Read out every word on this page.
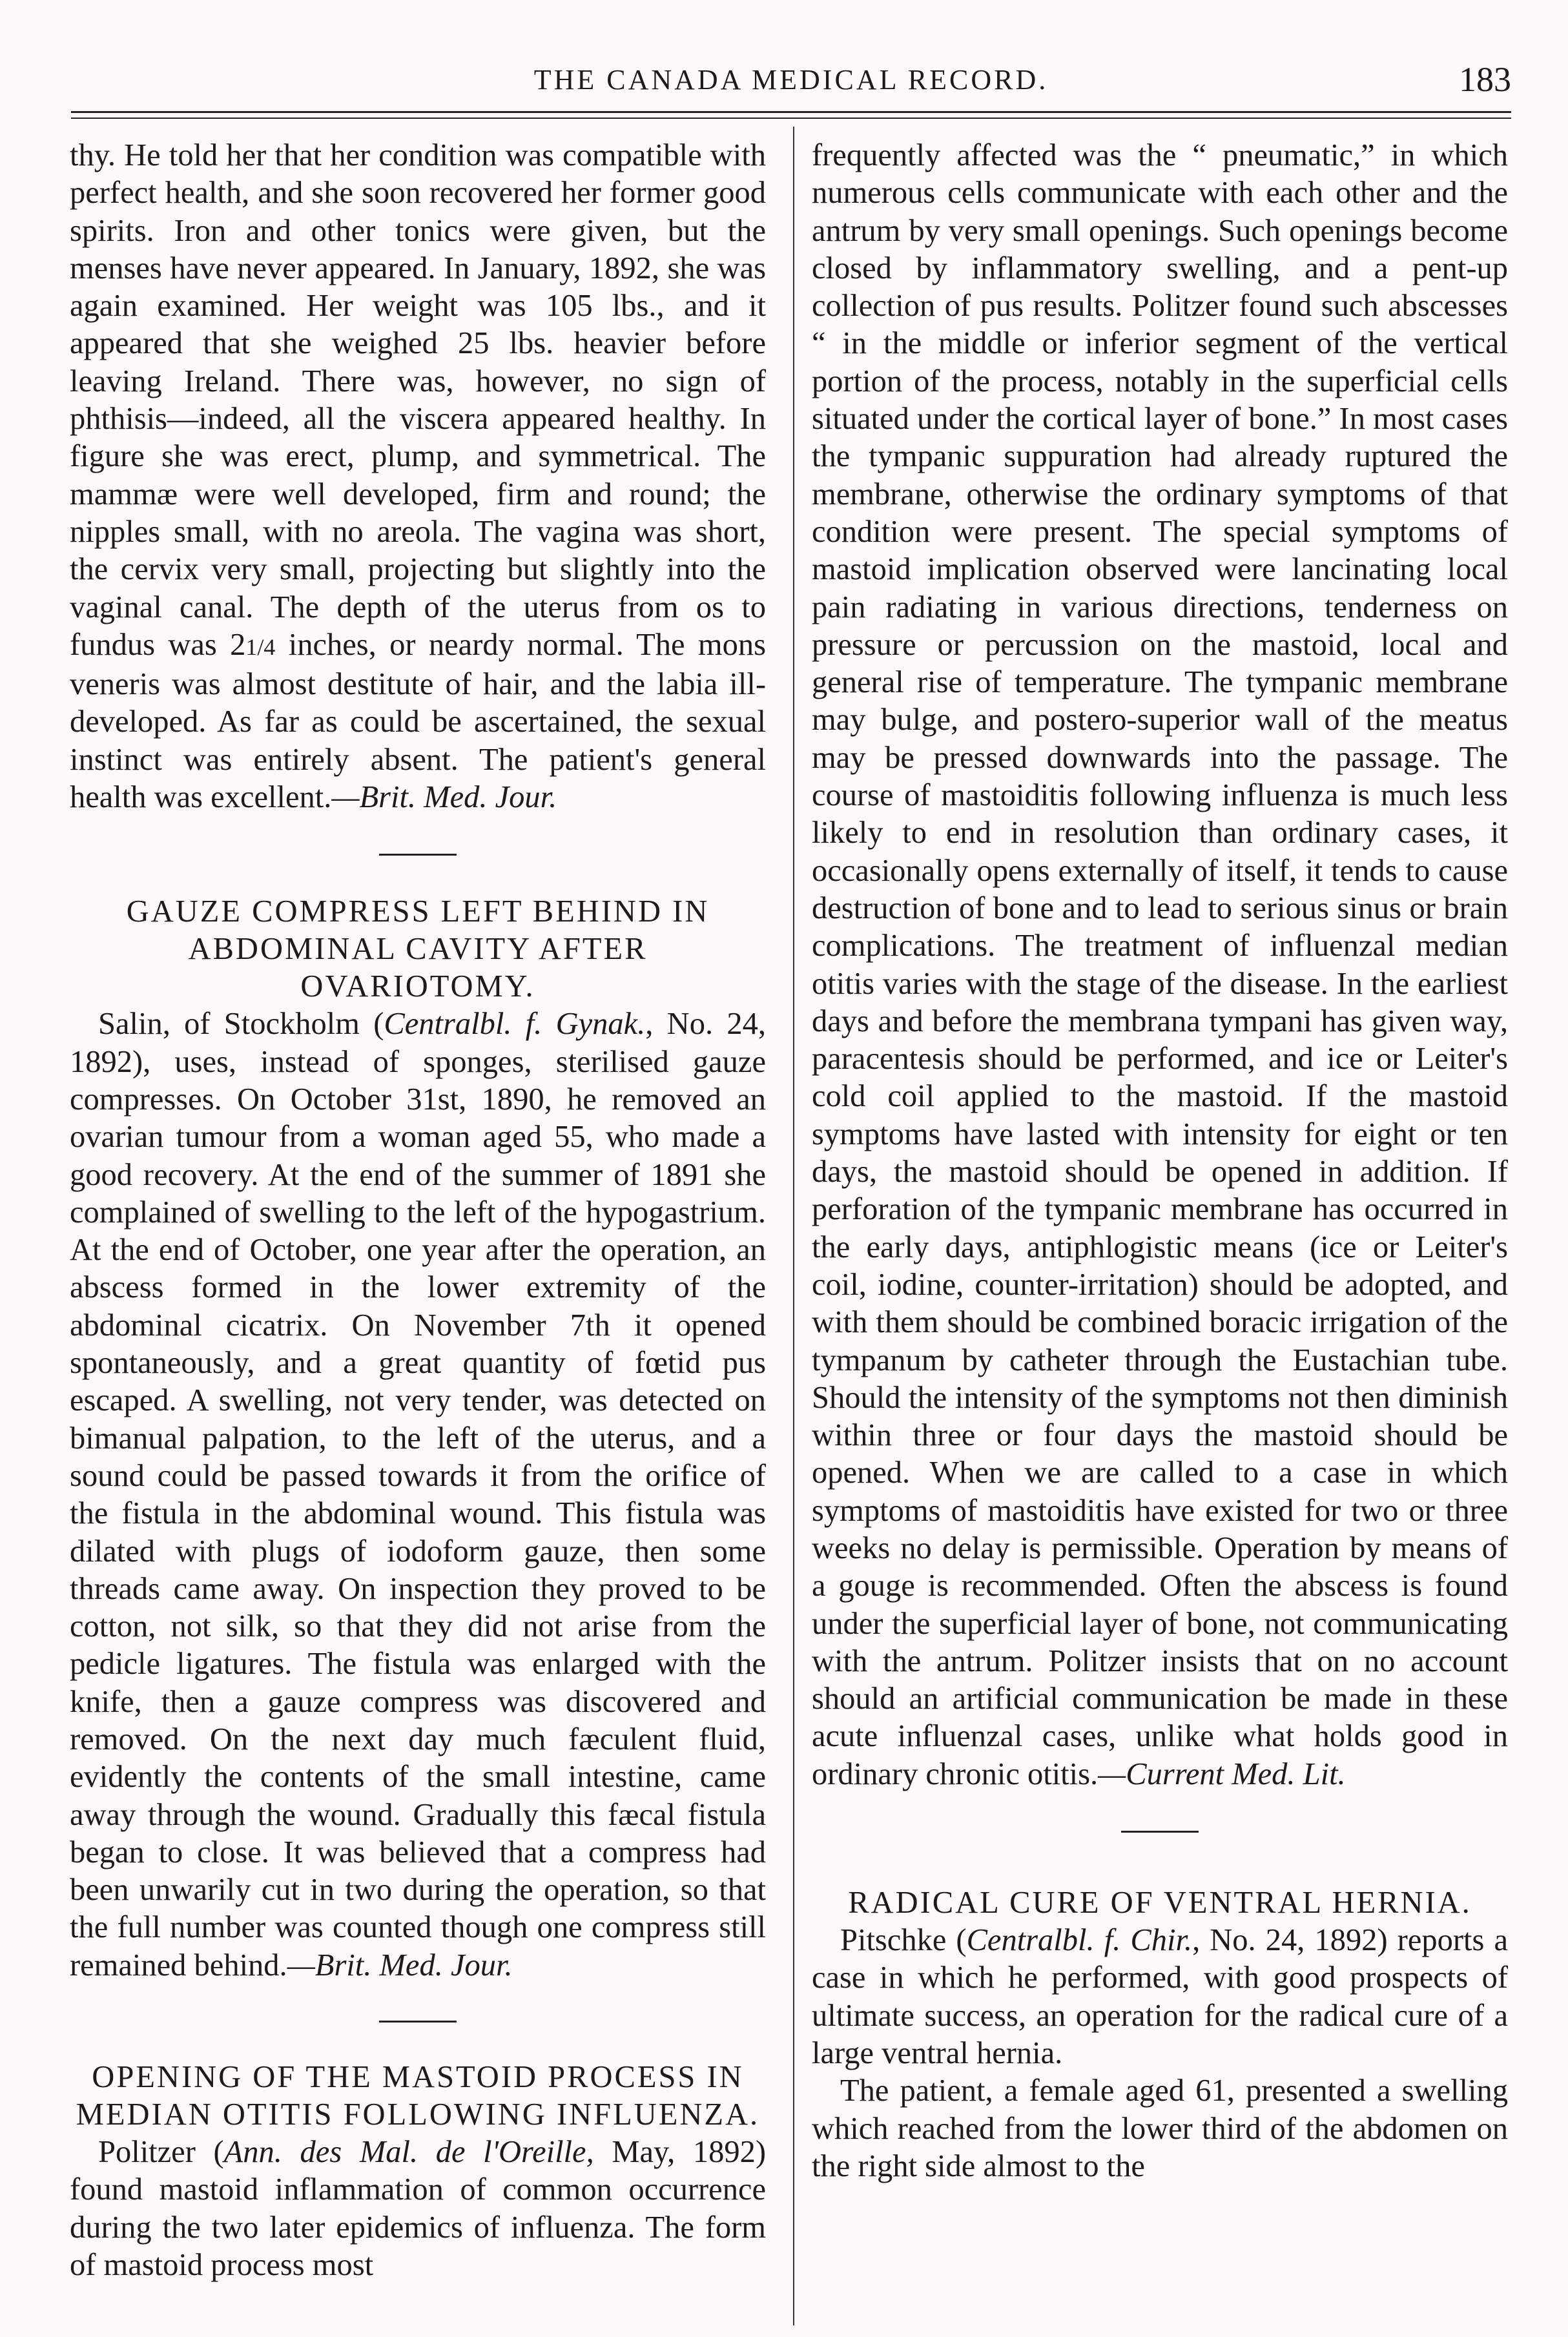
THE CANADA MEDICAL RECORD.	183

thy. He told her that her condition was compatible with perfect health, and she soon recovered her former good spirits. Iron and other tonics were given, but the menses have never appeared. In January, 1892, she was again examined. Her weight was 105 lbs., and it appeared that she weighed 25 lbs. heavier before leaving Ireland. There was, however, no sign of phthisis—indeed, all the viscera appeared healthy. In figure she was erect, plump, and symmetrical. The mammæ were well developed, firm and round; the nipples small, with no areola. The vagina was short, the cervix very small, projecting but slightly into the vaginal canal. The depth of the uterus from os to fundus was 21/4 inches, or neardy normal. The mons veneris was almost destitute of hair, and the labia ill-developed. As far as could be ascertained, the sexual instinct was entirely absent. The patient's general health was excellent.—Brit. Med. Jour.

GAUZE COMPRESS LEFT BEHIND IN ABDOMINAL CAVITY AFTER OVARIOTOMY.

Salin, of Stockholm (Centralbl. f. Gynak., No. 24, 1892), uses, instead of sponges, sterilised gauze compresses. On October 31st, 1890, he removed an ovarian tumour from a woman aged 55, who made a good recovery. At the end of the summer of 1891 she complained of swelling to the left of the hypogastrium. At the end of October, one year after the operation, an abscess formed in the lower extremity of the abdominal cicatrix. On November 7th it opened spontaneously, and a great quantity of fœtid pus escaped. A swelling, not very tender, was detected on bimanual palpation, to the left of the uterus, and a sound could be passed towards it from the orifice of the fistula in the abdominal wound. This fistula was dilated with plugs of iodoform gauze, then some threads came away. On inspection they proved to be cotton, not silk, so that they did not arise from the pedicle ligatures. The fistula was enlarged with the knife, then a gauze compress was discovered and removed. On the next day much fæculent fluid, evidently the contents of the small intestine, came away through the wound. Gradually this fæcal fistula began to close. It was believed that a compress had been unwarily cut in two during the operation, so that the full number was counted though one compress still remained behind.—Brit. Med. Jour.

OPENING OF THE MASTOID PROCESS IN MEDIAN OTITIS FOLLOWING INFLUENZA.

Politzer (Ann. des Mal. de l'Oreille, May, 1892) found mastoid inflammation of common occurrence during the two later epidemics of influenza. The form of mastoid process most

frequently affected was the “ pneumatic,” in which numerous cells communicate with each other and the antrum by very small openings. Such openings become closed by inflammatory swelling, and a pent-up collection of pus results. Politzer found such abscesses “ in the middle or inferior segment of the vertical portion of the process, notably in the superficial cells situated under the cortical layer of bone.” In most cases the tympanic suppuration had already ruptured the membrane, otherwise the ordinary symptoms of that condition were present. The special symptoms of mastoid implication observed were lancinating local pain radiating in various directions, tenderness on pressure or percussion on the mastoid, local and general rise of temperature. The tympanic membrane may bulge, and postero-superior wall of the meatus may be pressed downwards into the passage. The course of mastoiditis following influenza is much less likely to end in resolution than ordinary cases, it occasionally opens externally of itself, it tends to cause destruction of bone and to lead to serious sinus or brain complications. The treatment of influenzal median otitis varies with the stage of the disease. In the earliest days and before the membrana tympani has given way, paracentesis should be performed, and ice or Leiter's cold coil applied to the mastoid. If the mastoid symptoms have lasted with intensity for eight or ten days, the mastoid should be opened in addition. If perforation of the tympanic membrane has occurred in the early days, antiphlogistic means (ice or Leiter's coil, iodine, counter-irritation) should be adopted, and with them should be combined boracic irrigation of the tympanum by catheter through the Eustachian tube. Should the intensity of the symptoms not then diminish within three or four days the mastoid should be opened. When we are called to a case in which symptoms of mastoiditis have existed for two or three weeks no delay is permissible. Operation by means of a gouge is recommended. Often the abscess is found under the superficial layer of bone, not communicating with the antrum. Politzer insists that on no account should an artificial communication be made in these acute influenzal cases, unlike what holds good in ordinary chronic otitis.—Current Med. Lit.

RADICAL CURE OF VENTRAL HERNIA.

Pitschke (Centralbl. f. Chir., No. 24, 1892) reports a case in which he performed, with good prospects of ultimate success, an operation for the radical cure of a large ventral hernia.

The patient, a female aged 61, presented a swelling which reached from the lower third of the abdomen on the right side almost to the
